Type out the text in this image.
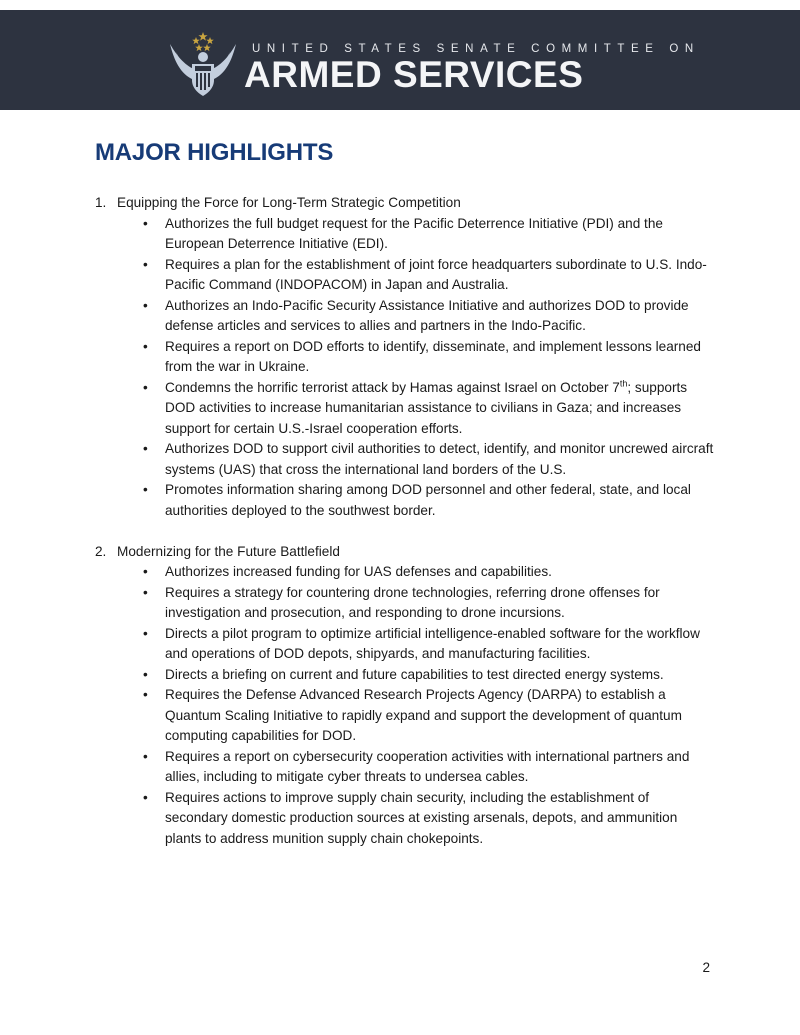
UNITED STATES SENATE COMMITTEE ON
ARMED SERVICES
MAJOR HIGHLIGHTS
1. Equipping the Force for Long-Term Strategic Competition
• Authorizes the full budget request for the Pacific Deterrence Initiative (PDI) and the European Deterrence Initiative (EDI).
• Requires a plan for the establishment of joint force headquarters subordinate to U.S. Indo-Pacific Command (INDOPACOM) in Japan and Australia.
• Authorizes an Indo-Pacific Security Assistance Initiative and authorizes DOD to provide defense articles and services to allies and partners in the Indo-Pacific.
• Requires a report on DOD efforts to identify, disseminate, and implement lessons learned from the war in Ukraine.
• Condemns the horrific terrorist attack by Hamas against Israel on October 7th; supports DOD activities to increase humanitarian assistance to civilians in Gaza; and increases support for certain U.S.-Israel cooperation efforts.
• Authorizes DOD to support civil authorities to detect, identify, and monitor uncrewed aircraft systems (UAS) that cross the international land borders of the U.S.
• Promotes information sharing among DOD personnel and other federal, state, and local authorities deployed to the southwest border.
2. Modernizing for the Future Battlefield
• Authorizes increased funding for UAS defenses and capabilities.
• Requires a strategy for countering drone technologies, referring drone offenses for investigation and prosecution, and responding to drone incursions.
• Directs a pilot program to optimize artificial intelligence-enabled software for the workflow and operations of DOD depots, shipyards, and manufacturing facilities.
• Directs a briefing on current and future capabilities to test directed energy systems.
• Requires the Defense Advanced Research Projects Agency (DARPA) to establish a Quantum Scaling Initiative to rapidly expand and support the development of quantum computing capabilities for DOD.
• Requires a report on cybersecurity cooperation activities with international partners and allies, including to mitigate cyber threats to undersea cables.
• Requires actions to improve supply chain security, including the establishment of secondary domestic production sources at existing arsenals, depots, and ammunition plants to address munition supply chain chokepoints.
2
